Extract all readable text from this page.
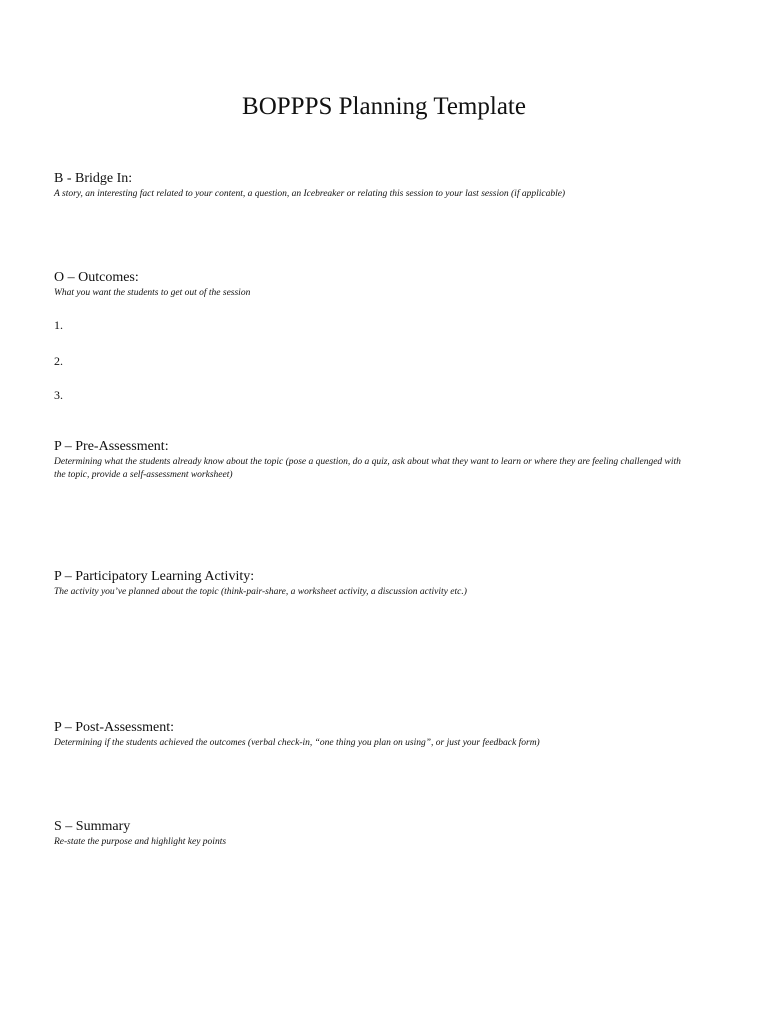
BOPPPS Planning Template

B - Bridge In:

A story, an interesting fact related to your content, a question, an Icebreaker or relating this session to your last session (if applicable)

O – Outcomes:

What you want the students to get out of the session

1.
2.
3.

P – Pre-Assessment:

Determining what the students already know about the topic (pose a question, do a quiz, ask about what they want to learn or where they are feeling challenged with the topic, provide a self-assessment worksheet)

P – Participatory Learning Activity:

The activity you’ve planned about the topic (think-pair-share, a worksheet activity, a discussion activity etc.)

P – Post-Assessment:

Determining if the students achieved the outcomes (verbal check-in, “one thing you plan on using”, or just your feedback form)

S – Summary

Re-state the purpose and highlight key points
